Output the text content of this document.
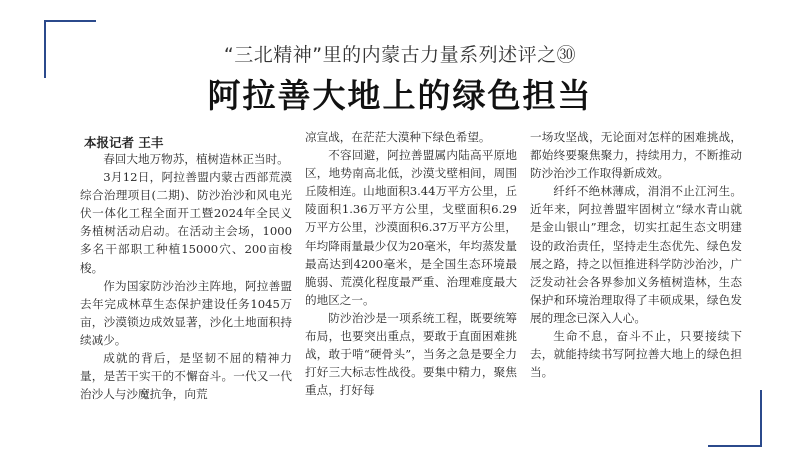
“三北精神”里的内蒙古力量系列述评之㉚
阿拉善大地上的绿色担当
本报记者 王丰

春回大地万物苏，植树造林正当时。

3月12日，阿拉善盟内蒙古西部荒漠综合治理项目(二期)、防沙治沙和风电光伏一体化工程全面开工暨2024年全民义务植树活动启动。在活动主会场，1000多名干部职工种植15000穴、200亩梭梭。

作为国家防沙治沙主阵地，阿拉善盟去年完成林草生态保护建设任务1045万亩，沙漠锁边成效显著，沙化土地面积持续减少。

成就的背后，是坚韧不屈的精神力量，是苦干实干的不懈奋斗。一代又一代治沙人与沙魔抗争，向荒

凉宣战，在茫茫大漠种下绿色希望。

不容回避，阿拉善盟属内陆高平原地区，地势南高北低，沙漠戈壁相间，周围丘陵相连。山地面积3.44万平方公里，丘陵面积1.36万平方公里，戈壁面积6.29万平方公里，沙漠面积6.37万平方公里，年均降雨量最少仅为20毫米，年均蒸发量最高达到4200毫米，是全国生态环境最脆弱、荒漠化程度最严重、治理难度最大的地区之一。

防沙治沙是一项系统工程，既要统筹布局，也要突出重点，要敢于直面困难挑战，敢于啃“硬骨头”，当务之急是要全力打好三大标志性战役。要集中精力，聚焦重点，打好每

一场攻坚战，无论面对怎样的困难挑战，都始终要聚焦聚力，持续用力，不断推动防沙治沙工作取得新成效。

纤纤不绝林薄成，涓涓不止江河生。近年来，阿拉善盟牢固树立“绿水青山就是金山银山”理念，切实扛起生态文明建设的政治责任，坚持走生态优先、绿色发展之路，持之以恒推进科学防沙治沙，广泛发动社会各界参加义务植树造林，生态保护和环境治理取得了丰硕成果，绿色发展的理念已深入人心。

生命不息，奋斗不止，只要接续下去，就能持续书写阿拉善大地上的绿色担当。
